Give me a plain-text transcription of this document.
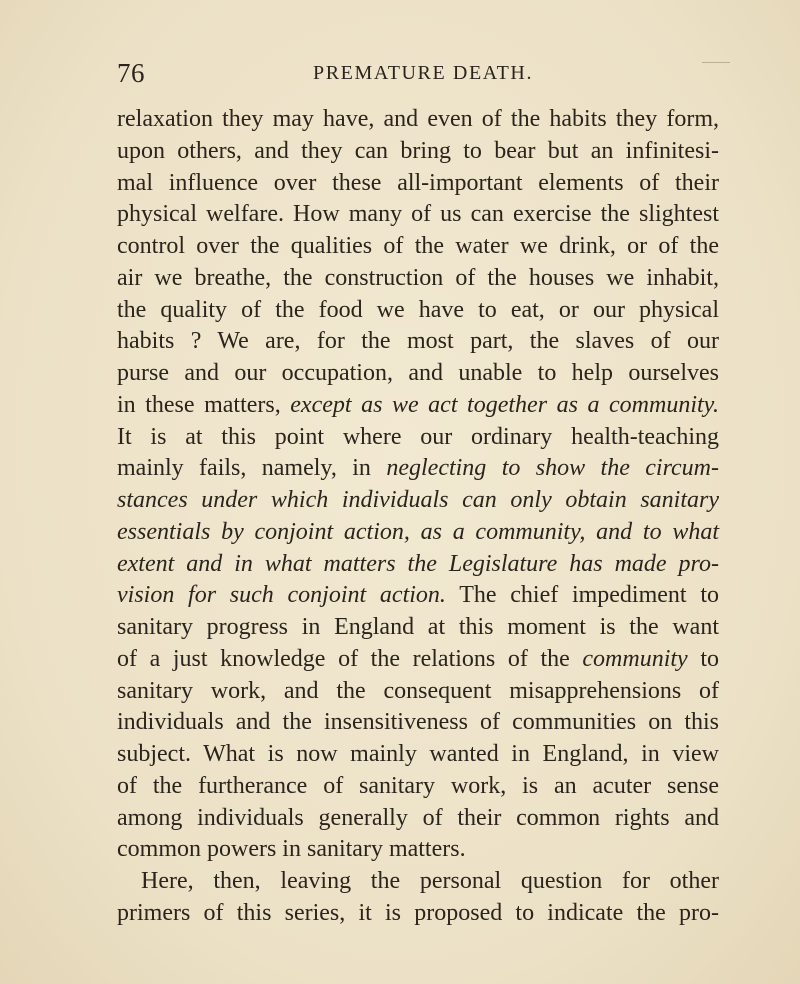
76	PREMATURE DEATH.
relaxation they may have, and even of the habits they form,
upon others, and they can bring to bear but an infinitesi-
mal influence over these all-important elements of their
physical welfare. How many of us can exercise the slightest
control over the qualities of the water we drink, or of the
air we breathe, the construction of the houses we inhabit,
the quality of the food we have to eat, or our physical
habits ? We are, for the most part, the slaves of our
purse and our occupation, and unable to help ourselves
in these matters, except as we act together as a community.
It is at this point where our ordinary health-teaching
mainly fails, namely, in neglecting to show the circum-
stances under which individuals can only obtain sanitary
essentials by conjoint action, as a community, and to what
extent and in what matters the Legislature has made pro-
vision for such conjoint action. The chief impediment to
sanitary progress in England at this moment is the want
of a just knowledge of the relations of the community to
sanitary work, and the consequent misapprehensions of
individuals and the insensitiveness of communities on this
subject. What is now mainly wanted in England, in view
of the furtherance of sanitary work, is an acuter sense
among individuals generally of their common rights and
common powers in sanitary matters.
Here, then, leaving the personal question for other
primers of this series, it is proposed to indicate the pro-
